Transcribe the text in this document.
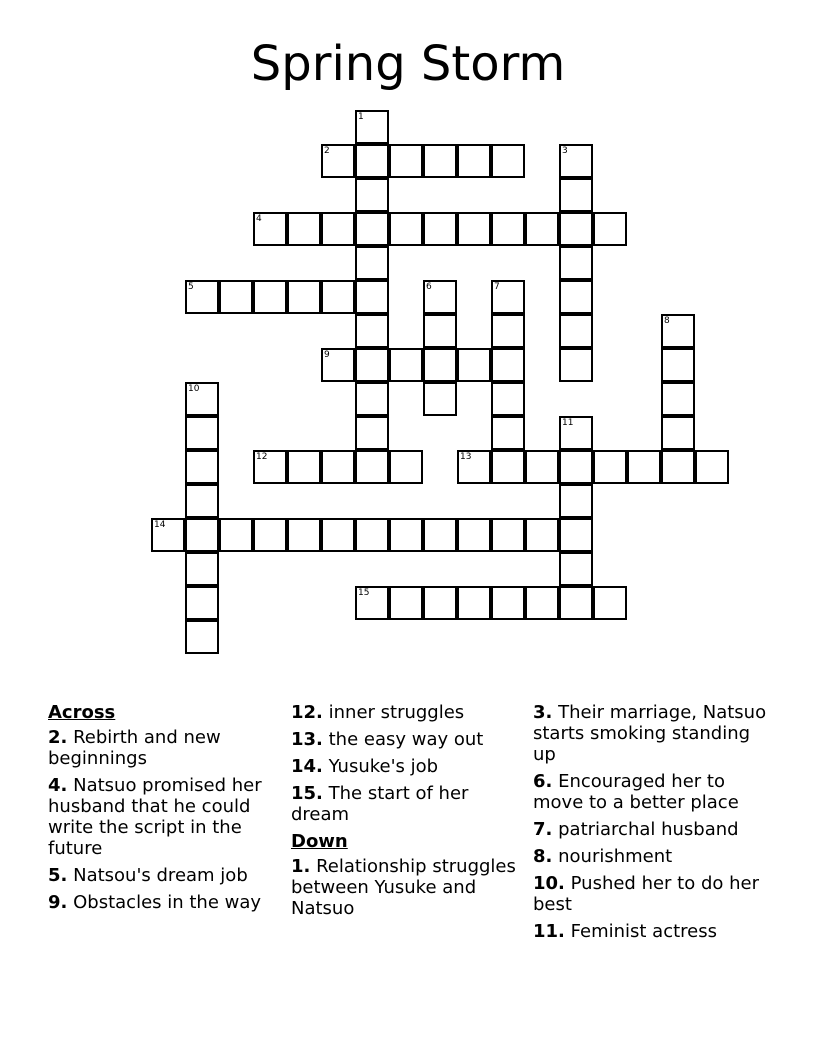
Spring Storm
1
2	3
4
5	6	7
8
9
10
11
12	13
14
15
Across
2. Rebirth and new beginnings
4. Natsuo promised her husband that he could write the script in the future
5. Natsou's dream job
9. Obstacles in the way
12. inner struggles
13. the easy way out
14. Yusuke's job
15. The start of her dream
Down
1. Relationship struggles between Yusuke and Natsuo
3. Their marriage, Natsuo starts smoking standing up
6. Encouraged her to move to a better place
7. patriarchal husband
8. nourishment
10. Pushed her to do her best
11. Feminist actress
